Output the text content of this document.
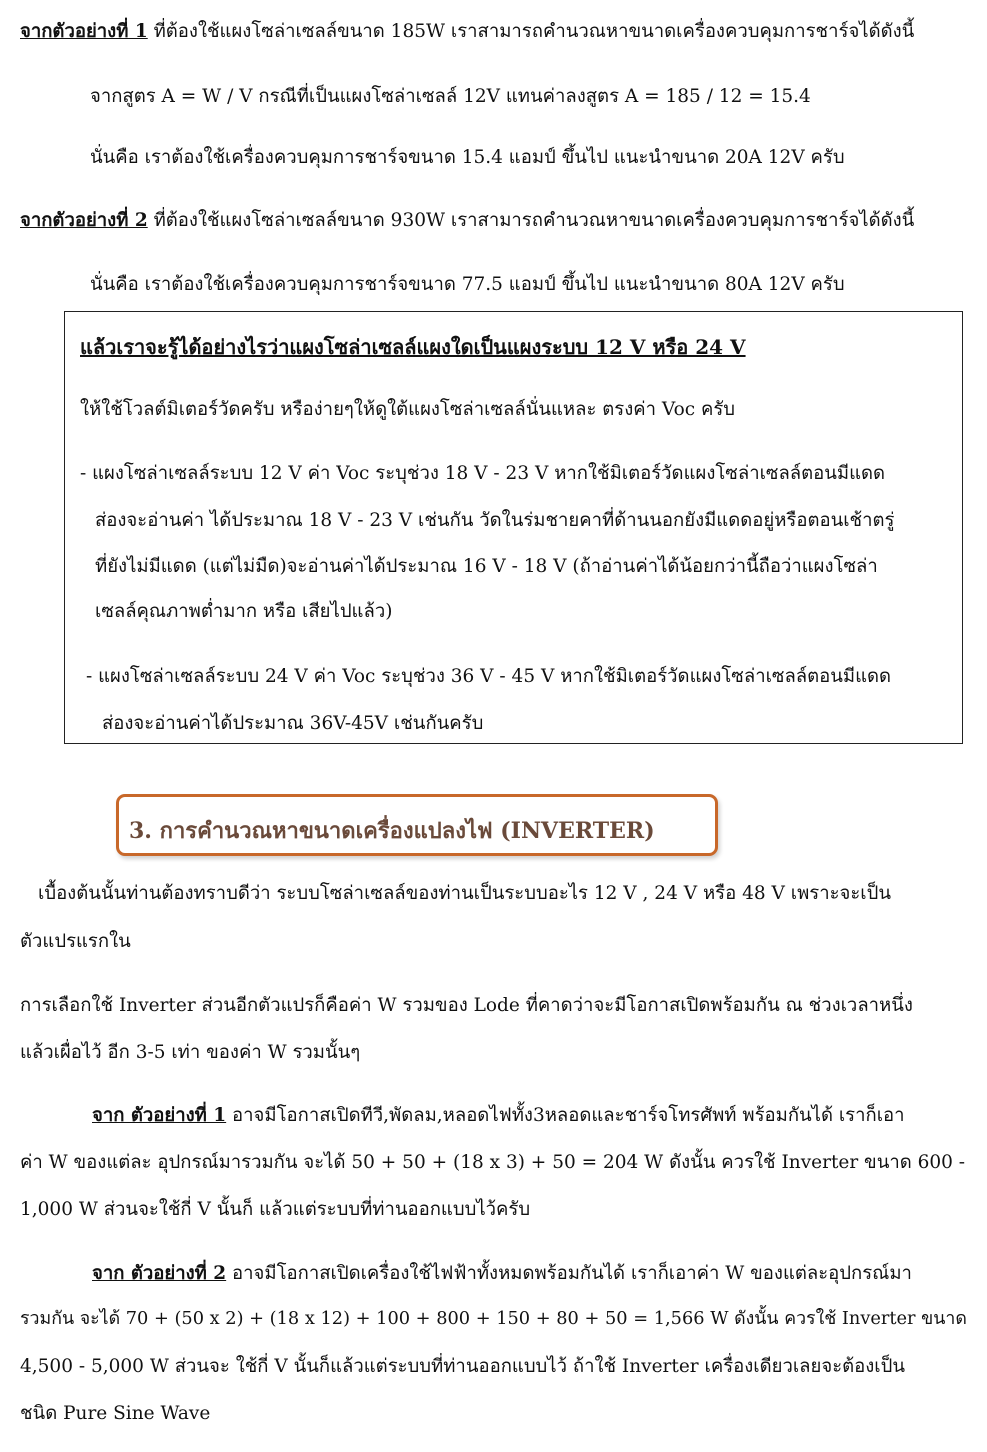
จากตัวอย่างที่ 1 ที่ต้องใช้แผงโซล่าเซลล์ขนาด 185W เราสามารถคำนวณหาขนาดเครื่องควบคุมการชาร์จได้ดังนี้
จากสูตร A = W / V กรณีที่เป็นแผงโซล่าเซลล์ 12V แทนค่าลงสูตร A = 185 / 12 = 15.4
นั่นคือ เราต้องใช้เครื่องควบคุมการชาร์จขนาด 15.4 แอมป์ ขึ้นไป แนะนำขนาด 20A 12V ครับ
จากตัวอย่างที่ 2 ที่ต้องใช้แผงโซล่าเซลล์ขนาด 930W เราสามารถคำนวณหาขนาดเครื่องควบคุมการชาร์จได้ดังนี้
นั่นคือ เราต้องใช้เครื่องควบคุมการชาร์จขนาด 77.5 แอมป์ ขึ้นไป แนะนำขนาด 80A 12V ครับ
แล้วเราจะรู้ได้อย่างไรว่าแผงโซล่าเซลล์แผงใดเป็นแผงระบบ 12 V หรือ 24 V
ให้ใช้โวลต์มิเตอร์วัดครับ หรือง่ายๆให้ดูใต้แผงโซล่าเซลล์นั่นแหละ ตรงค่า Voc ครับ
- แผงโซล่าเซลล์ระบบ 12 V ค่า Voc ระบุช่วง 18 V - 23 V หากใช้มิเตอร์วัดแผงโซล่าเซลล์ตอนมีแดด
ส่องจะอ่านค่า ได้ประมาณ 18 V - 23 V เช่นกัน วัดในร่มชายคาที่ด้านนอกยังมีแดดอยู่หรือตอนเช้าตรู่
ที่ยังไม่มีแดด (แต่ไม่มืด)จะอ่านค่าได้ประมาณ 16 V - 18 V (ถ้าอ่านค่าได้น้อยกว่านี้ถือว่าแผงโซล่า
เซลล์คุณภาพต่ำมาก หรือ เสียไปแล้ว)
- แผงโซล่าเซลล์ระบบ 24 V ค่า Voc ระบุช่วง 36 V - 45 V หากใช้มิเตอร์วัดแผงโซล่าเซลล์ตอนมีแดด
ส่องจะอ่านค่าได้ประมาณ 36V-45V เช่นกันครับ
3. การคำนวณหาขนาดเครื่องแปลงไฟ (INVERTER)
เบื้องต้นนั้นท่านต้องทราบดีว่า ระบบโซล่าเซลล์ของท่านเป็นระบบอะไร 12 V , 24 V หรือ 48 V เพราะจะเป็น
ตัวแปรแรกใน
การเลือกใช้ Inverter ส่วนอีกตัวแปรก็คือค่า W รวมของ Lode ที่คาดว่าจะมีโอกาสเปิดพร้อมกัน ณ ช่วงเวลาหนึ่ง
แล้วเผื่อไว้ อีก 3-5 เท่า ของค่า W รวมนั้นๆ
จาก ตัวอย่างที่ 1 อาจมีโอกาสเปิดทีวี,พัดลม,หลอดไฟทั้ง3หลอดและชาร์จโทรศัพท์ พร้อมกันได้ เราก็เอา
ค่า W ของแต่ละ อุปกรณ์มารวมกัน จะได้ 50 + 50 + (18 x 3) + 50 = 204 W ดังนั้น ควรใช้ Inverter ขนาด 600 -
1,000 W ส่วนจะใช้กี่ V นั้นก็ แล้วแต่ระบบที่ท่านออกแบบไว้ครับ
จาก ตัวอย่างที่ 2 อาจมีโอกาสเปิดเครื่องใช้ไฟฟ้าทั้งหมดพร้อมกันได้ เราก็เอาค่า W ของแต่ละอุปกรณ์มา
รวมกัน จะได้ 70 + (50 x 2) + (18 x 12) + 100 + 800 + 150 + 80 + 50 = 1,566 W ดังนั้น ควรใช้ Inverter ขนาด
4,500 - 5,000 W ส่วนจะ ใช้กี่ V นั้นก็แล้วแต่ระบบที่ท่านออกแบบไว้ ถ้าใช้ Inverter เครื่องเดียวเลยจะต้องเป็น
ชนิด Pure Sine Wave
